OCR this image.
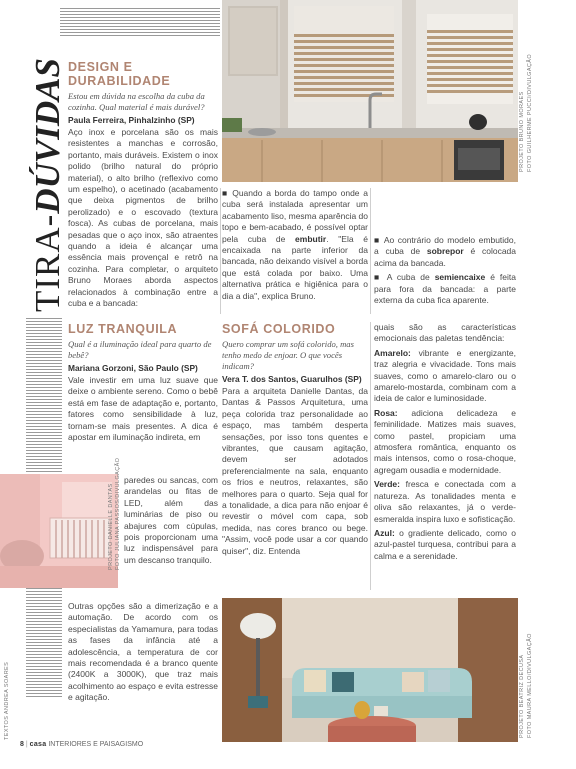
TIRA-DÚVIDAS
TEXTOS ANDREA SOARES
PROJETO BRUNO MORAES FOTO GUILHERME PUCCI/DIVULGAÇÃO
DESIGN E
DURABILIDADE
Estou em dúvida na escolha da cuba da cozinha. Qual material é mais durável?
Paula Ferreira, Pinhalzinho (SP)
Aço inox e porcelana são os mais resistentes a manchas e corrosão, portanto, mais duráveis. Existem o inox polido (brilho natural do próprio material), o alto brilho (reflexivo como um espelho), o acetinado (acabamento que deixa pigmentos de brilho perolizado) e o escovado (textura fosca). As cubas de porcelana, mais pesadas que o aço inox, são atraentes quando a ideia é alcançar uma essência mais provençal e retrô na cozinha. Para completar, o arquiteto Bruno Moraes aborda aspectos relacionados à combinação entre a cuba e a bancada:
■ Quando a borda do tampo onde a cuba será instalada apresentar um acabamento liso, mesma aparência do topo e bem-acabado, é possível optar pela cuba de embutir. "Ela é encaixada na parte inferior da bancada, não deixando visível a borda que está colada por baixo. Uma alternativa prática e higiênica para o dia a dia", explica Bruno.

■ Ao contrário do modelo embutido, a cuba de sobrepor é colocada acima da bancada.

■ A cuba de semiencaixe é feita para fora da bancada: a parte externa da cuba fica aparente.

LUZ TRANQUILA
Qual é a iluminação ideal para quarto de bebê?
Mariana Gorzoni, São Paulo (SP)
Vale investir em uma luz suave que deixe o ambiente sereno. Como o bebê está em fase de adaptação e, portanto, fatores como sensibilidade à luz, tornam-se mais presentes. A dica é apostar em iluminação indireta, em
PROJETO DANIELLE DANTAS FOTO JULIANA PASSOS/DIVULGAÇÃO paredes ou sancas, com arandelas ou fitas de LED, além das luminárias de piso ou abajures com cúpulas, pois proporcionam uma luz indispensável para um descanso tranquilo.
Outras opções são a dimerização e a automação. De acordo com os especialistas da Yamamura, para todas as fases da infância até a adolescência, a temperatura de cor mais recomendada é a branco quente (2400K a 3000K), que traz mais acolhimento ao espaço e evita estresse e agitação.
SOFÁ COLORIDO
Quero comprar um sofá colorido, mas tenho medo de enjoar. O que vocês indicam?
Vera T. dos Santos, Guarulhos (SP)
Para a arquiteta Danielle Dantas, da Dantas & Passos Arquitetura, uma peça colorida traz personalidade ao espaço, mas também desperta sensações, por isso tons quentes e vibrantes, que causam agitação, devem ser adotados preferencialmente na sala, enquanto os frios e neutros, relaxantes, são melhores para o quarto. Seja qual for a tonalidade, a dica para não enjoar é revestir o móvel com capa, sob medida, nas cores branco ou bege. "Assim, você pode usar a cor quando quiser", diz. Entenda

quais são as características emocionais das paletas tendência:

Amarelo: vibrante e energizante, traz alegria e vivacidade. Tons mais suaves, como o amarelo-claro ou o amarelo-mostarda, combinam com a ideia de calor e luminosidade.

Rosa: adiciona delicadeza e feminilidade. Matizes mais suaves, como pastel, propiciam uma atmosfera romântica, enquanto os mais intensos, como o rosa-choque, agregam ousadia e modernidade.

Verde: fresca e conectada com a natureza. As tonalidades menta e oliva são relaxantes, já o verde-esmeralda inspira luxo e sofisticação.

Azul: o gradiente delicado, como o azul-pastel turquesa, contribui para a calma e a serenidade.

PROJETO BEATRIZ DECUSA FOTO MAURA MELLO/DIVULGAÇÃO
8 | casa INTERIORES E PAISAGISMO
